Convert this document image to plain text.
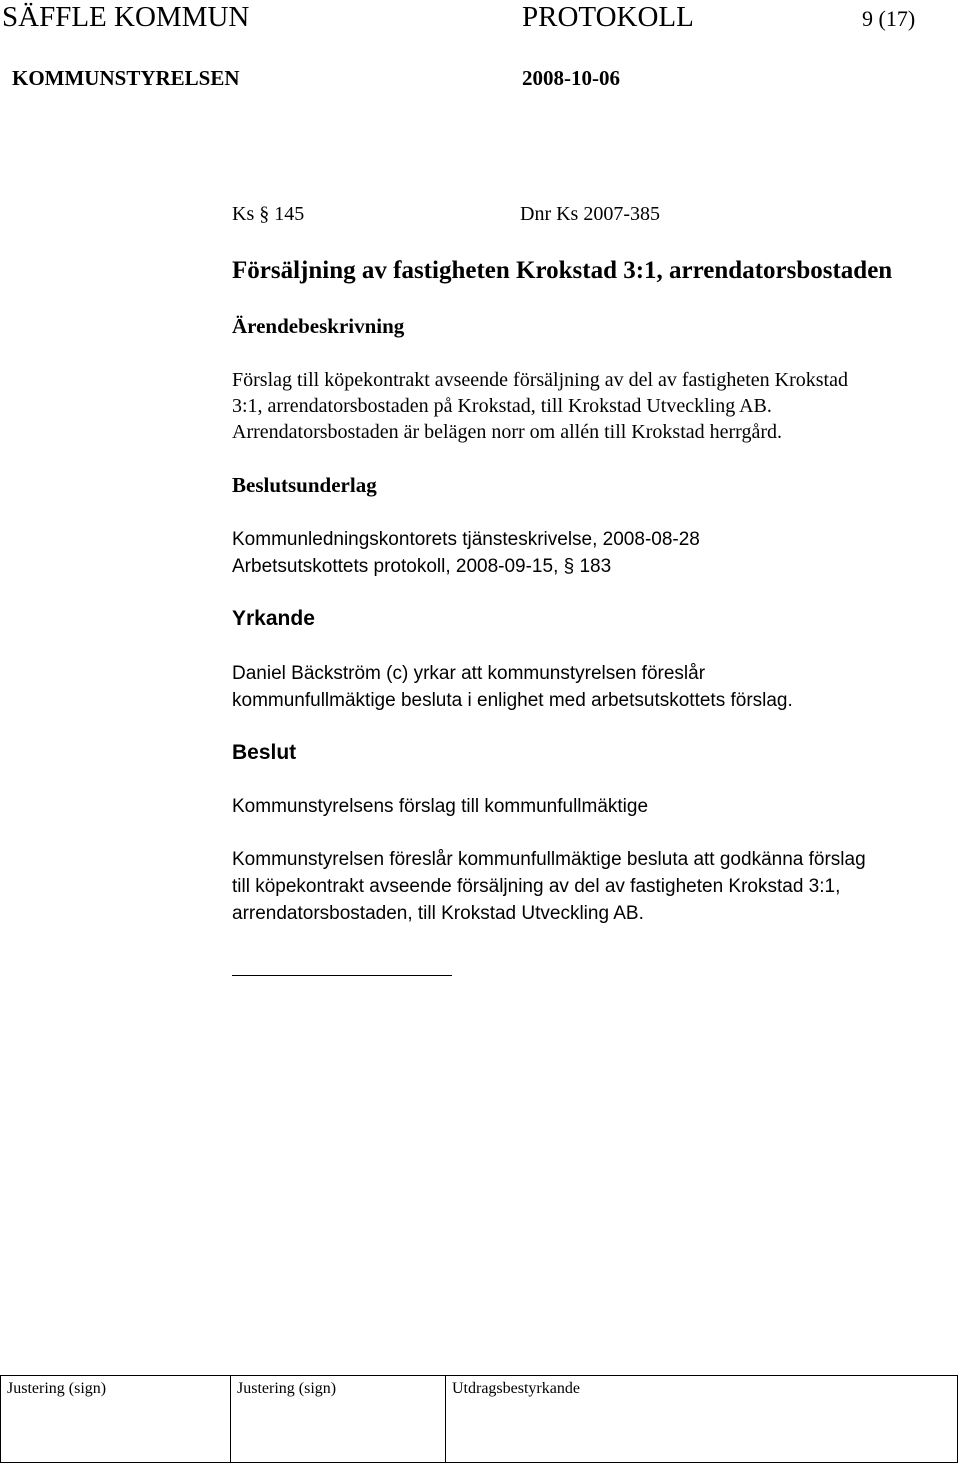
SÄFFLE KOMMUN	PROTOKOLL	9 (17)
KOMMUNSTYRELSEN	2008-10-06
Ks § 145	Dnr Ks 2007-385
Försäljning av fastigheten Krokstad 3:1, arrendatorsbostaden
Ärendebeskrivning
Förslag till köpekontrakt avseende försäljning av del av fastigheten Krokstad
3:1, arrendatorsbostaden på Krokstad, till Krokstad Utveckling AB.
Arrendatorsbostaden är belägen norr om allén till Krokstad herrgård.
Beslutsunderlag
Kommunledningskontorets tjänsteskrivelse, 2008-08-28
Arbetsutskottets protokoll, 2008-09-15, § 183
Yrkande
Daniel Bäckström (c) yrkar att kommunstyrelsen föreslår
kommunfullmäktige besluta i enlighet med arbetsutskottets förslag.
Beslut
Kommunstyrelsens förslag till kommunfullmäktige
Kommunstyrelsen föreslår kommunfullmäktige besluta att godkänna förslag
till köpekontrakt avseende försäljning av del av fastigheten Krokstad 3:1,
arrendatorsbostaden, till Krokstad Utveckling AB.
Justering (sign)	Justering (sign)	Utdragsbestyrkande
